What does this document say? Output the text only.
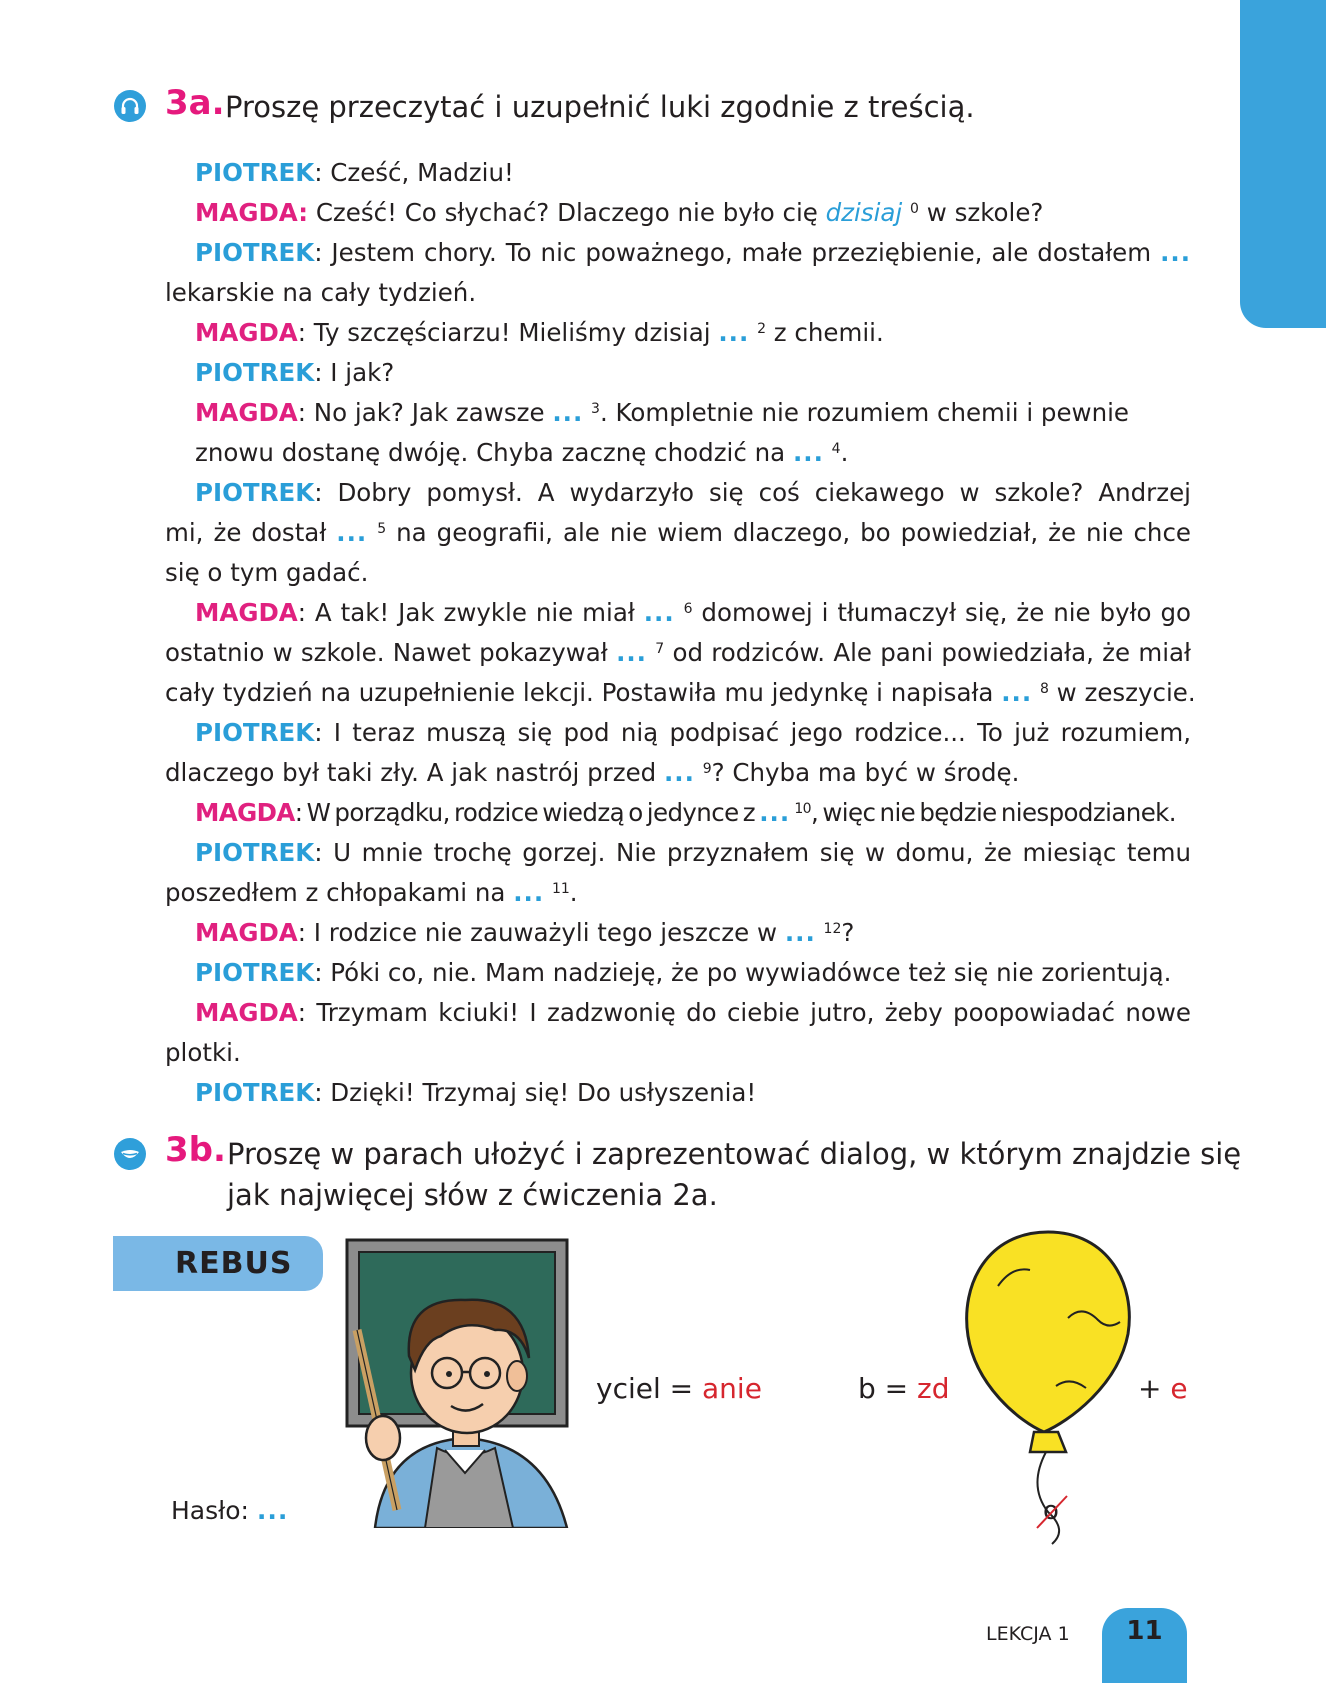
3a. Proszę przeczytać i uzupełnić luki zgodnie z treścią.
PIOTREK: Cześć, Madziu!
MAGDA: Cześć! Co słychać? Dlaczego nie było cię dzisiaj $^0$ w szkole?
PIOTREK: Jestem chory. To nic poważnego, małe przeziębienie, ale dostałem ...
lekarskie na cały tydzień.
MAGDA: Ty szczęściarzu! Mieliśmy dzisiaj ... $^2$ z chemii.
PIOTREK: I jak?
MAGDA: No jak? Jak zawsze ... $^3$. Kompletnie nie rozumiem chemii i pewnie
znowu dostanę dwóję. Chyba zacznę chodzić na ... $^4$.
PIOTREK: Dobry pomysł. A wydarzyło się coś ciekawego w szkole? Andrzej
mi, że dostał ... $^5$ na geografii, ale nie wiem dlaczego, bo powiedział, że nie chce
się o tym gadać.
MAGDA: A tak! Jak zwykle nie miał ... $^6$ domowej i tłumaczył się, że nie było go
ostatnio w szkole. Nawet pokazywał ... $^7$ od rodziców. Ale pani powiedziała, że miał
cały tydzień na uzupełnienie lekcji. Postawiła mu jedynkę i napisała ... $^8$ w zeszycie.
PIOTREK: I teraz muszą się pod nią podpisać jego rodzice... To już rozumiem,
dlaczego był taki zły. A jak nastrój przed ... $^9$? Chyba ma być w środę.
MAGDA: W porządku, rodzice wiedzą o jedynce z ... $^{10}$, więc nie będzie niespodzianek.
PIOTREK: U mnie trochę gorzej. Nie przyznałem się w domu, że miesiąc temu
poszedłem z chłopakami na ... $^{11}$.
MAGDA: I rodzice nie zauważyli tego jeszcze w ... $^{12}$?
PIOTREK: Póki co, nie. Mam nadzieję, że po wywiadówce też się nie zorientują.
MAGDA: Trzymam kciuki! I zadzwonię do ciebie jutro, żeby poopowiadać nowe
plotki.
PIOTREK: Dzięki! Trzymaj się! Do usłyszenia!
3b. Proszę w parach ułożyć i zaprezentować dialog, w którym znajdzie się
jak najwięcej słów z ćwiczenia 2a.
REBUS
yciel = anie	b = zd	+ e
o
Hasło: ...
LEKCJA 1	11
